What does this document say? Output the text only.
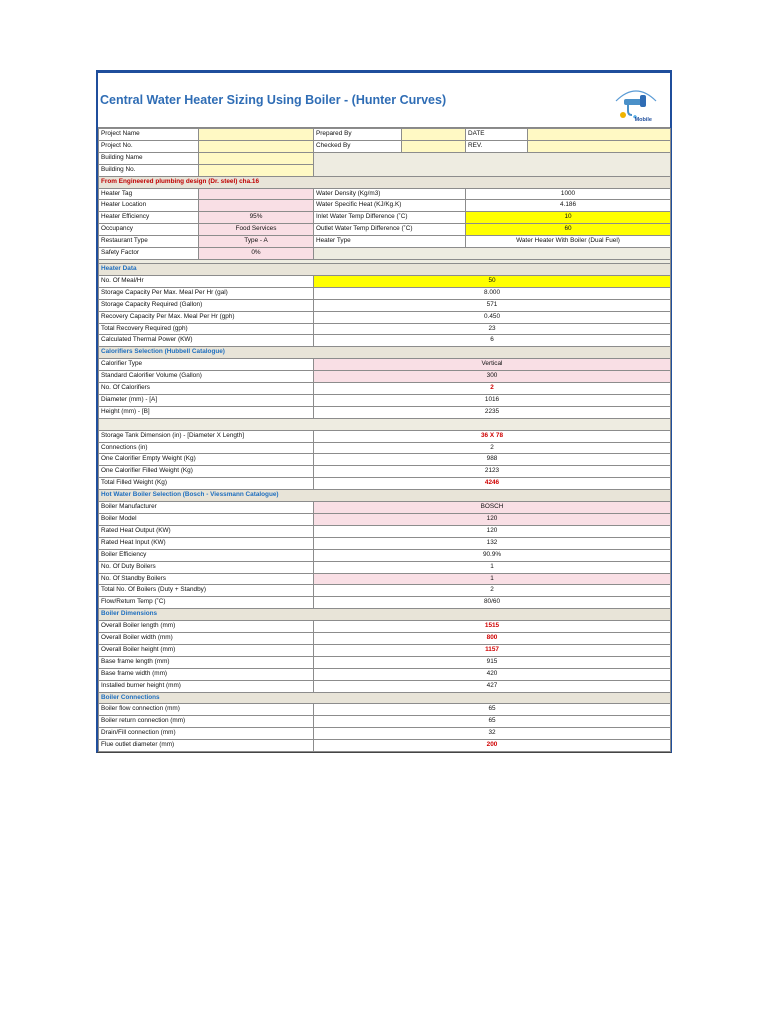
Central Water Heater Sizing Using Boiler - (Hunter Curves)
Mobile
Project Name		Prepared By		DATE	
Project No.		Checked By		REV.	
Building Name					
Building No.					
From Engineered plumbing design (Dr. steel) cha.16					
Heater Tag		Water Density (Kg/m3)		1000	
Heater Location		Water Specific Heat (KJ/Kg.K)		4.186	
Heater Efficiency	95%	Inlet Water Temp Difference (˚C)		10	
Occupancy	Food Services	Outlet Water Temp Difference (˚C)		60	
Restaurant Type	Type - A	Heater Type		Water Heater With Boiler (Dual Fuel)	
Safety Factor	0%				

Heater Data					
No. Of Meal/Hr		50			
Storage Capacity Per Max. Meal Per Hr (gal)		8.000			
Storage Capacity Required (Gallon)		571			
Recovery Capacity Per Max. Meal Per Hr (gph)		0.450			
Total Recovery Required (gph)		23			
Calculated Thermal Power (KW)		6			
Calorifiers Selection (Hubbell Catalogue)					
Calorifier Type		Vertical			
Standard Calorifier Volume (Gallon)		300			
No. Of Calorifiers		2			
Diameter (mm) - [A]		1016			
Height (mm) - [B]		2235			

Storage Tank Dimension (in) - [Diameter X Length]		36 X 78			
Connections (in)		2			
One Calorifier Empty Weight (Kg)		988			
One Calorifier Filled Weight (Kg)		2123			
Total Filled Weight (Kg)		4246			
Hot Water Boiler Selection (Bosch - Viessmann Catalogue)					
Boiler Manufacturer		BOSCH			
Boiler Model		120			
Rated Heat Output (KW)		120			
Rated Heat Input (KW)		132			
Boiler Efficiency		90.9%			
No. Of Duty Boilers		1			
No. Of Standby Boilers		1			
Total No. Of Boilers (Duty + Standby)		2			
Flow/Return Temp (˚C)		80/60			
Boiler Dimensions					
Overall Boiler length (mm)		1515			
Overall Boiler width (mm)		800			
Overall Boiler height (mm)		1157			
Base frame length (mm)		915			
Base frame width (mm)		420			
Installed burner height (mm)		427			
Boiler Connections					
Boiler flow connection (mm)		65			
Boiler return connection (mm)		65			
Drain/Fill connection (mm)		32			
Flue outlet diameter (mm)		200			
